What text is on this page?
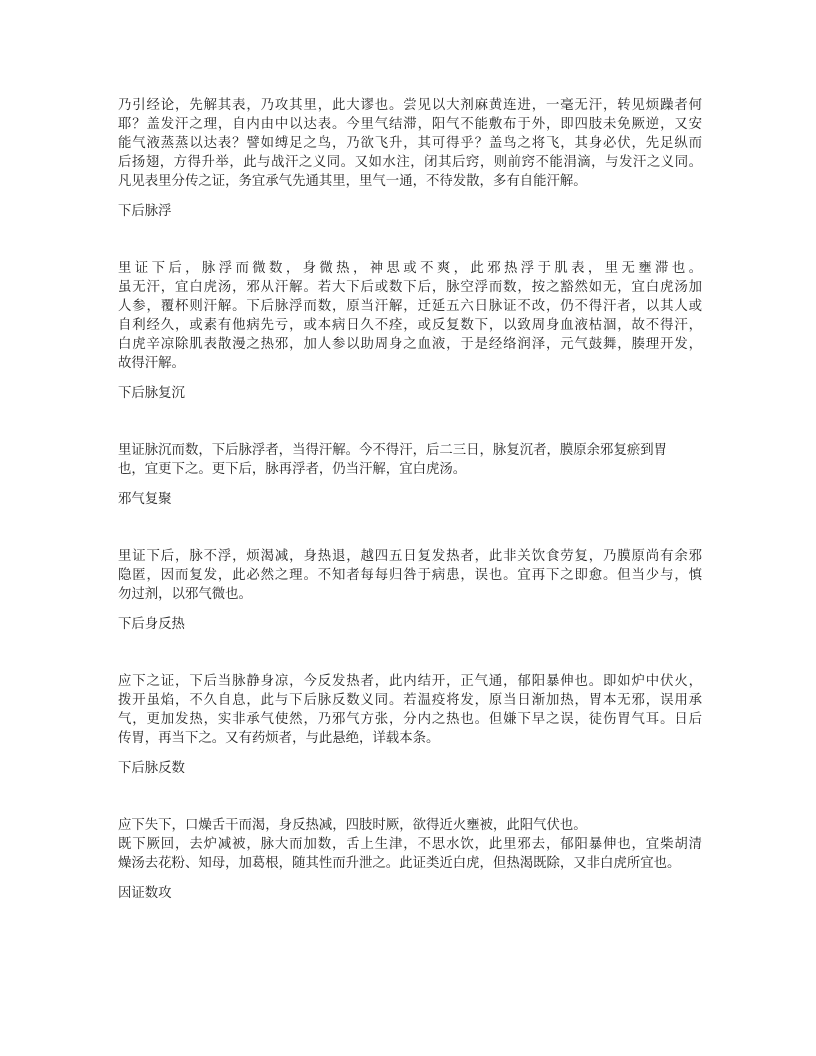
乃引经论，先解其表，乃攻其里，此大谬也。尝见以大剂麻黄连进，一毫无汗，转见烦躁者何
耶？盖发汗之理，自内由中以达表。今里气结滞，阳气不能敷布于外，即四肢未免厥逆，又安
能气液蒸蒸以达表？譬如缚足之鸟，乃欲飞升，其可得乎？盖鸟之将飞，其身必伏，先足纵而
后扬翅，方得升举，此与战汗之义同。又如水注，闭其后窍，则前窍不能涓滴，与发汗之义同。
凡见表里分传之证，务宜承气先通其里，里气一通，不待发散，多有自能汗解。
下后脉浮
里证下后，脉浮而微数，身微热，神思或不爽，此邪热浮于肌表，里无壅滞也。
虽无汗，宜白虎汤，邪从汗解。若大下后或数下后，脉空浮而数，按之豁然如无，宜白虎汤加
人参，覆杯则汗解。下后脉浮而数，原当汗解，迁延五六日脉证不改，仍不得汗者，以其人或
自利经久，或素有他病先亏，或本病日久不痊，或反复数下，以致周身血液枯涸，故不得汗，
白虎辛凉除肌表散漫之热邪，加人参以助周身之血液，于是经络润泽，元气鼓舞，腠理开发，
故得汗解。
下后脉复沉
里证脉沉而数，下后脉浮者，当得汗解。今不得汗，后二三日，脉复沉者，膜原余邪复瘀到胃
也，宜更下之。更下后，脉再浮者，仍当汗解，宜白虎汤。
邪气复聚
里证下后，脉不浮，烦渴减，身热退，越四五日复发热者，此非关饮食劳复，乃膜原尚有余邪
隐匿，因而复发，此必然之理。不知者每每归咎于病患，误也。宜再下之即愈。但当少与，慎
勿过剂，以邪气微也。
下后身反热
应下之证，下后当脉静身凉，今反发热者，此内结开，正气通，郁阳暴伸也。即如炉中伏火，
拨开虽焰，不久自息，此与下后脉反数义同。若温疫将发，原当日渐加热，胃本无邪，误用承
气，更加发热，实非承气使然，乃邪气方张，分内之热也。但嫌下早之误，徒伤胃气耳。日后
传胃，再当下之。又有药烦者，与此悬绝，详载本条。
下后脉反数
应下失下，口燥舌干而渴，身反热减，四肢时厥，欲得近火壅被，此阳气伏也。
既下厥回，去炉减被，脉大而加数，舌上生津，不思水饮，此里邪去，郁阳暴伸也，宜柴胡清
燥汤去花粉、知母，加葛根，随其性而升泄之。此证类近白虎，但热渴既除，又非白虎所宜也。
因证数攻
